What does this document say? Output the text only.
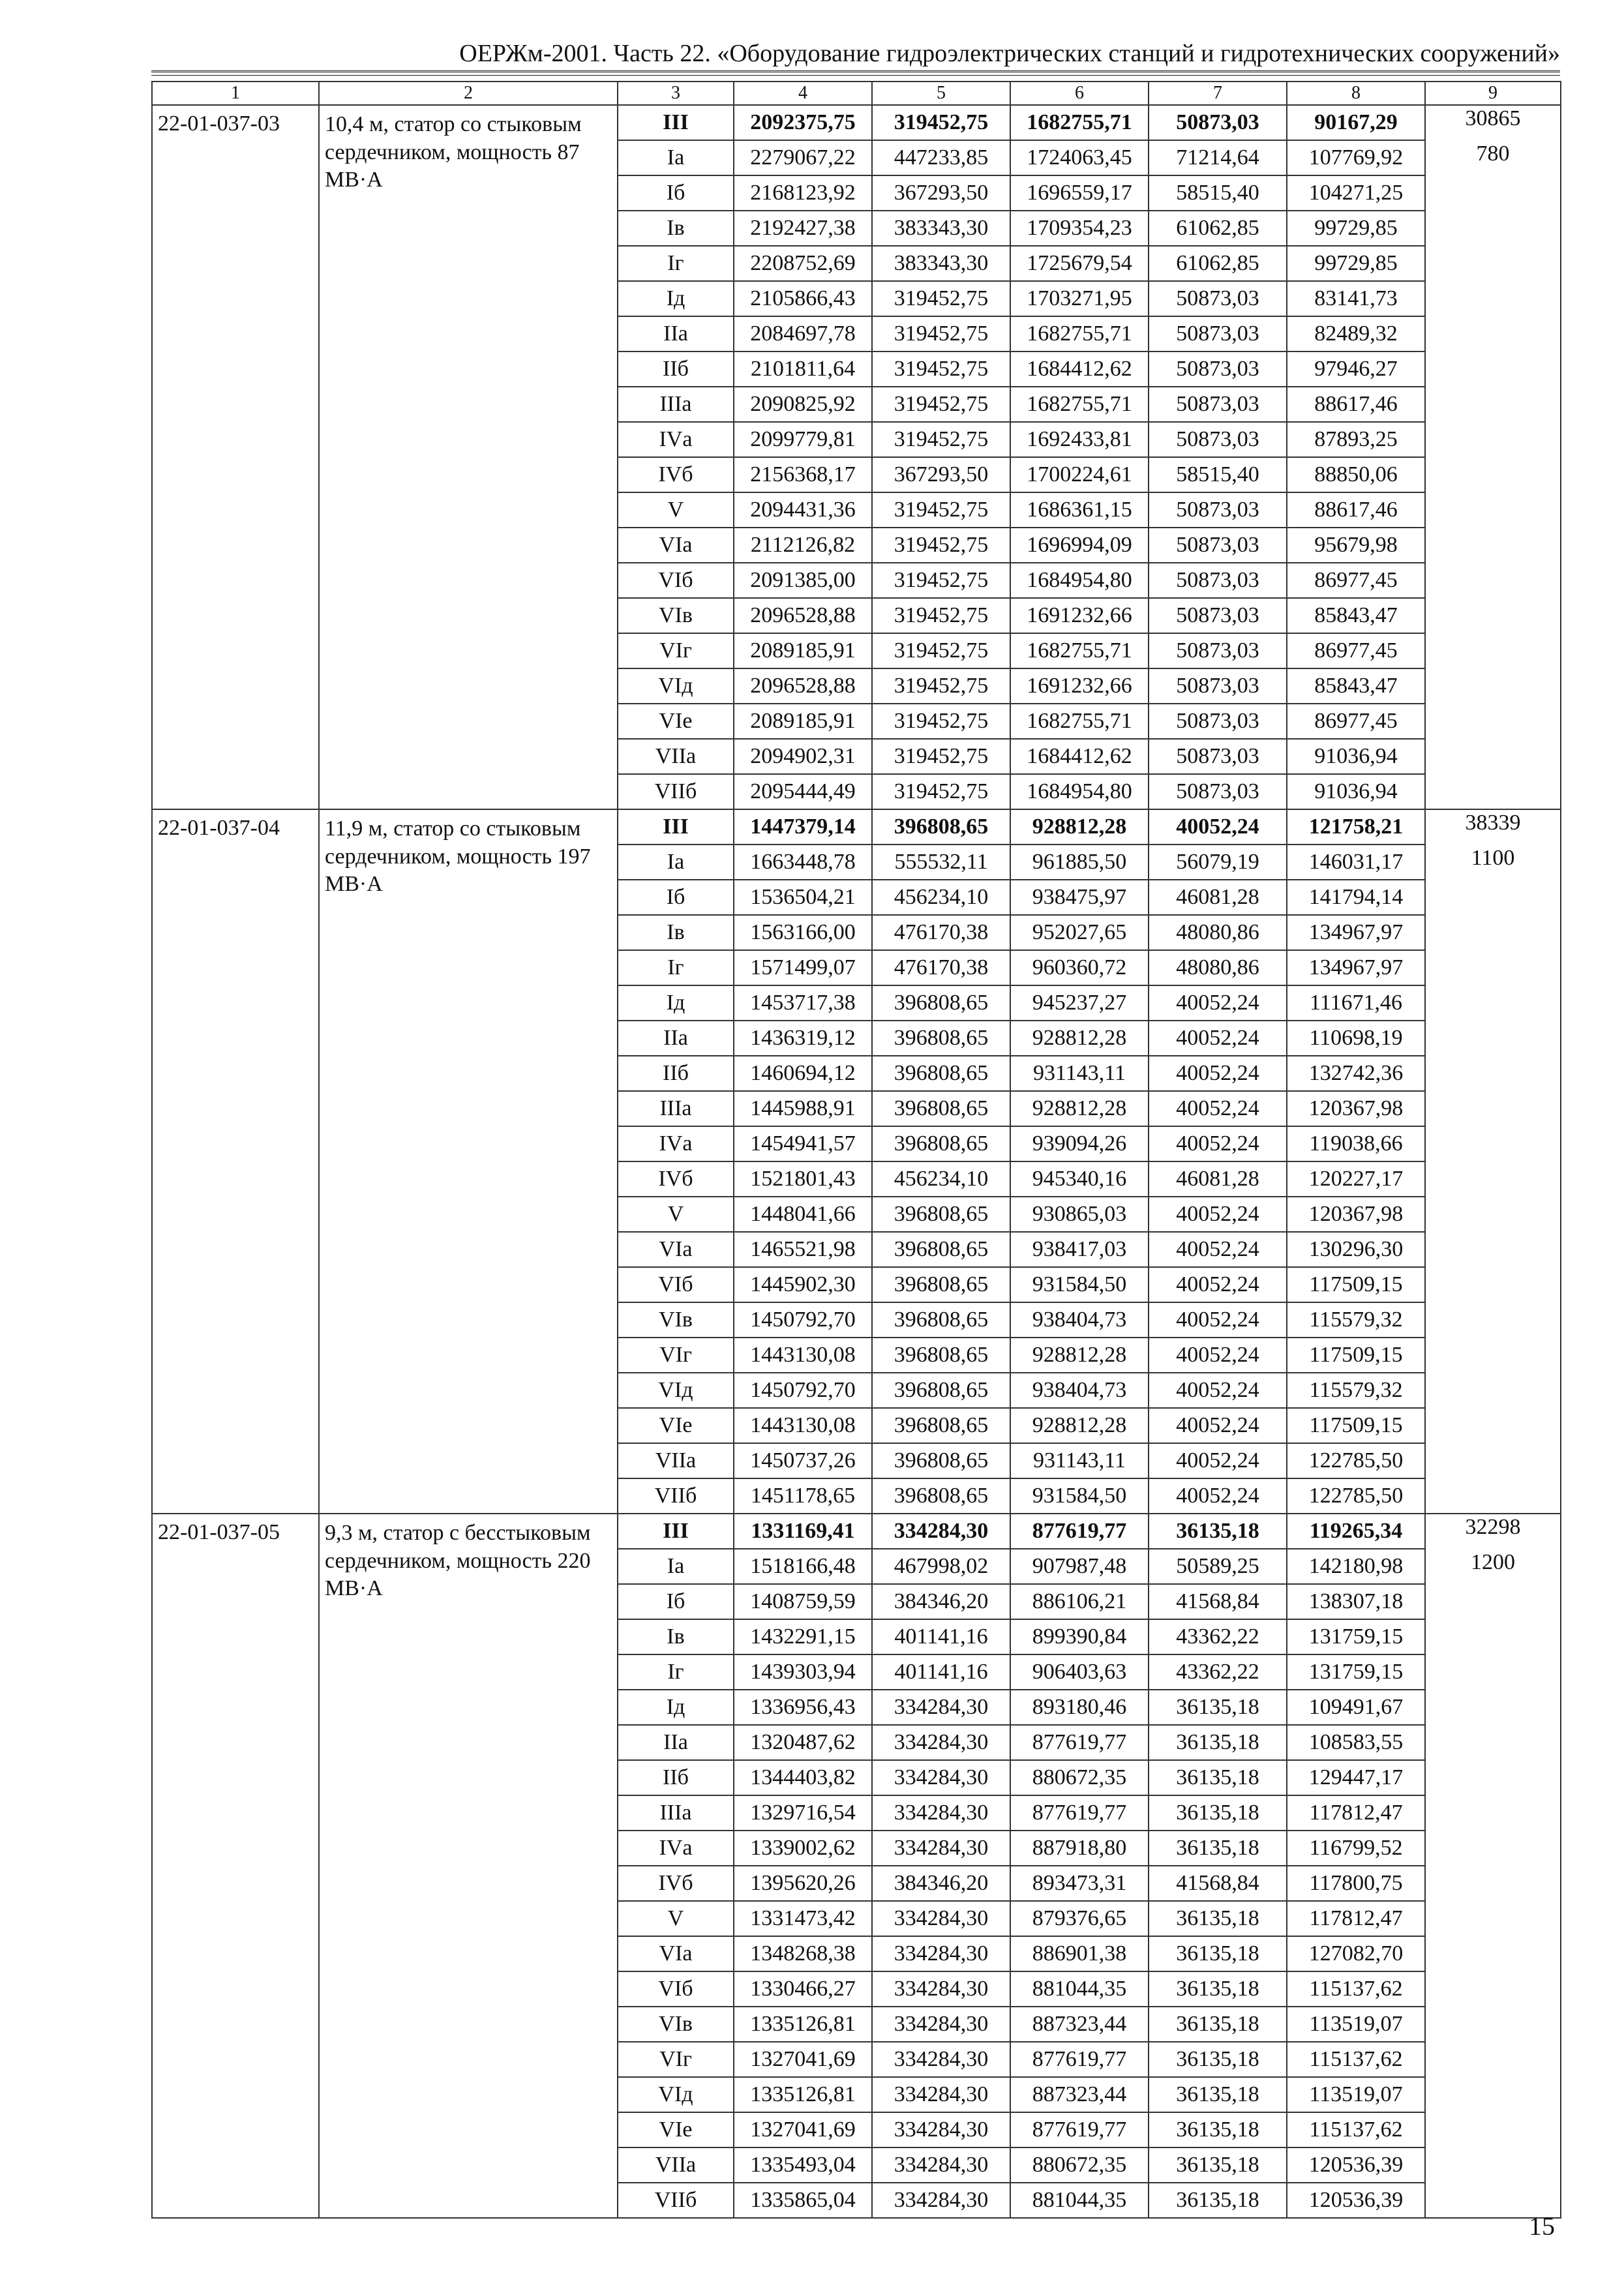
ОЕРЖм-2001. Часть 22. «Оборудование гидроэлектрических станций и гидротехнических сооружений»
1	2	3	4	5	6	7	8	9
22-01-037-03	10,4 м, статор со стыковым сердечником, мощность 87 МВ·А	III	2092375,75	319452,75	1682755,71	50873,03	90167,29	30865
		Iа	2279067,22	447233,85	1724063,45	71214,64	107769,92	780
		Iб	2168123,92	367293,50	1696559,17	58515,40	104271,25	
		Iв	2192427,38	383343,30	1709354,23	61062,85	99729,85	
		Iг	2208752,69	383343,30	1725679,54	61062,85	99729,85	
		Iд	2105866,43	319452,75	1703271,95	50873,03	83141,73	
		IIа	2084697,78	319452,75	1682755,71	50873,03	82489,32	
		IIб	2101811,64	319452,75	1684412,62	50873,03	97946,27	
		IIIа	2090825,92	319452,75	1682755,71	50873,03	88617,46	
		IVа	2099779,81	319452,75	1692433,81	50873,03	87893,25	
		IVб	2156368,17	367293,50	1700224,61	58515,40	88850,06	
		V	2094431,36	319452,75	1686361,15	50873,03	88617,46	
		VIа	2112126,82	319452,75	1696994,09	50873,03	95679,98	
		VIб	2091385,00	319452,75	1684954,80	50873,03	86977,45	
		VIв	2096528,88	319452,75	1691232,66	50873,03	85843,47	
		VIг	2089185,91	319452,75	1682755,71	50873,03	86977,45	
		VIд	2096528,88	319452,75	1691232,66	50873,03	85843,47	
		VIе	2089185,91	319452,75	1682755,71	50873,03	86977,45	
		VIIа	2094902,31	319452,75	1684412,62	50873,03	91036,94	
		VIIб	2095444,49	319452,75	1684954,80	50873,03	91036,94	
22-01-037-04	11,9 м, статор со стыковым сердечником, мощность 197 МВ·А	III	1447379,14	396808,65	928812,28	40052,24	121758,21	38339
		Iа	1663448,78	555532,11	961885,50	56079,19	146031,17	1100
		Iб	1536504,21	456234,10	938475,97	46081,28	141794,14	
		Iв	1563166,00	476170,38	952027,65	48080,86	134967,97	
		Iг	1571499,07	476170,38	960360,72	48080,86	134967,97	
		Iд	1453717,38	396808,65	945237,27	40052,24	111671,46	
		IIа	1436319,12	396808,65	928812,28	40052,24	110698,19	
		IIб	1460694,12	396808,65	931143,11	40052,24	132742,36	
		IIIа	1445988,91	396808,65	928812,28	40052,24	120367,98	
		IVа	1454941,57	396808,65	939094,26	40052,24	119038,66	
		IVб	1521801,43	456234,10	945340,16	46081,28	120227,17	
		V	1448041,66	396808,65	930865,03	40052,24	120367,98	
		VIа	1465521,98	396808,65	938417,03	40052,24	130296,30	
		VIб	1445902,30	396808,65	931584,50	40052,24	117509,15	
		VIв	1450792,70	396808,65	938404,73	40052,24	115579,32	
		VIг	1443130,08	396808,65	928812,28	40052,24	117509,15	
		VIд	1450792,70	396808,65	938404,73	40052,24	115579,32	
		VIе	1443130,08	396808,65	928812,28	40052,24	117509,15	
		VIIа	1450737,26	396808,65	931143,11	40052,24	122785,50	
		VIIб	1451178,65	396808,65	931584,50	40052,24	122785,50	
22-01-037-05	9,3 м, статор с бесстыковым сердечником, мощность 220 МВ·А	III	1331169,41	334284,30	877619,77	36135,18	119265,34	32298
		Iа	1518166,48	467998,02	907987,48	50589,25	142180,98	1200
		Iб	1408759,59	384346,20	886106,21	41568,84	138307,18	
		Iв	1432291,15	401141,16	899390,84	43362,22	131759,15	
		Iг	1439303,94	401141,16	906403,63	43362,22	131759,15	
		Iд	1336956,43	334284,30	893180,46	36135,18	109491,67	
		IIа	1320487,62	334284,30	877619,77	36135,18	108583,55	
		IIб	1344403,82	334284,30	880672,35	36135,18	129447,17	
		IIIа	1329716,54	334284,30	877619,77	36135,18	117812,47	
		IVа	1339002,62	334284,30	887918,80	36135,18	116799,52	
		IVб	1395620,26	384346,20	893473,31	41568,84	117800,75	
		V	1331473,42	334284,30	879376,65	36135,18	117812,47	
		VIа	1348268,38	334284,30	886901,38	36135,18	127082,70	
		VIб	1330466,27	334284,30	881044,35	36135,18	115137,62	
		VIв	1335126,81	334284,30	887323,44	36135,18	113519,07	
		VIг	1327041,69	334284,30	877619,77	36135,18	115137,62	
		VIд	1335126,81	334284,30	887323,44	36135,18	113519,07	
		VIе	1327041,69	334284,30	877619,77	36135,18	115137,62	
		VIIа	1335493,04	334284,30	880672,35	36135,18	120536,39	
		VIIб	1335865,04	334284,30	881044,35	36135,18	120536,39	
15
